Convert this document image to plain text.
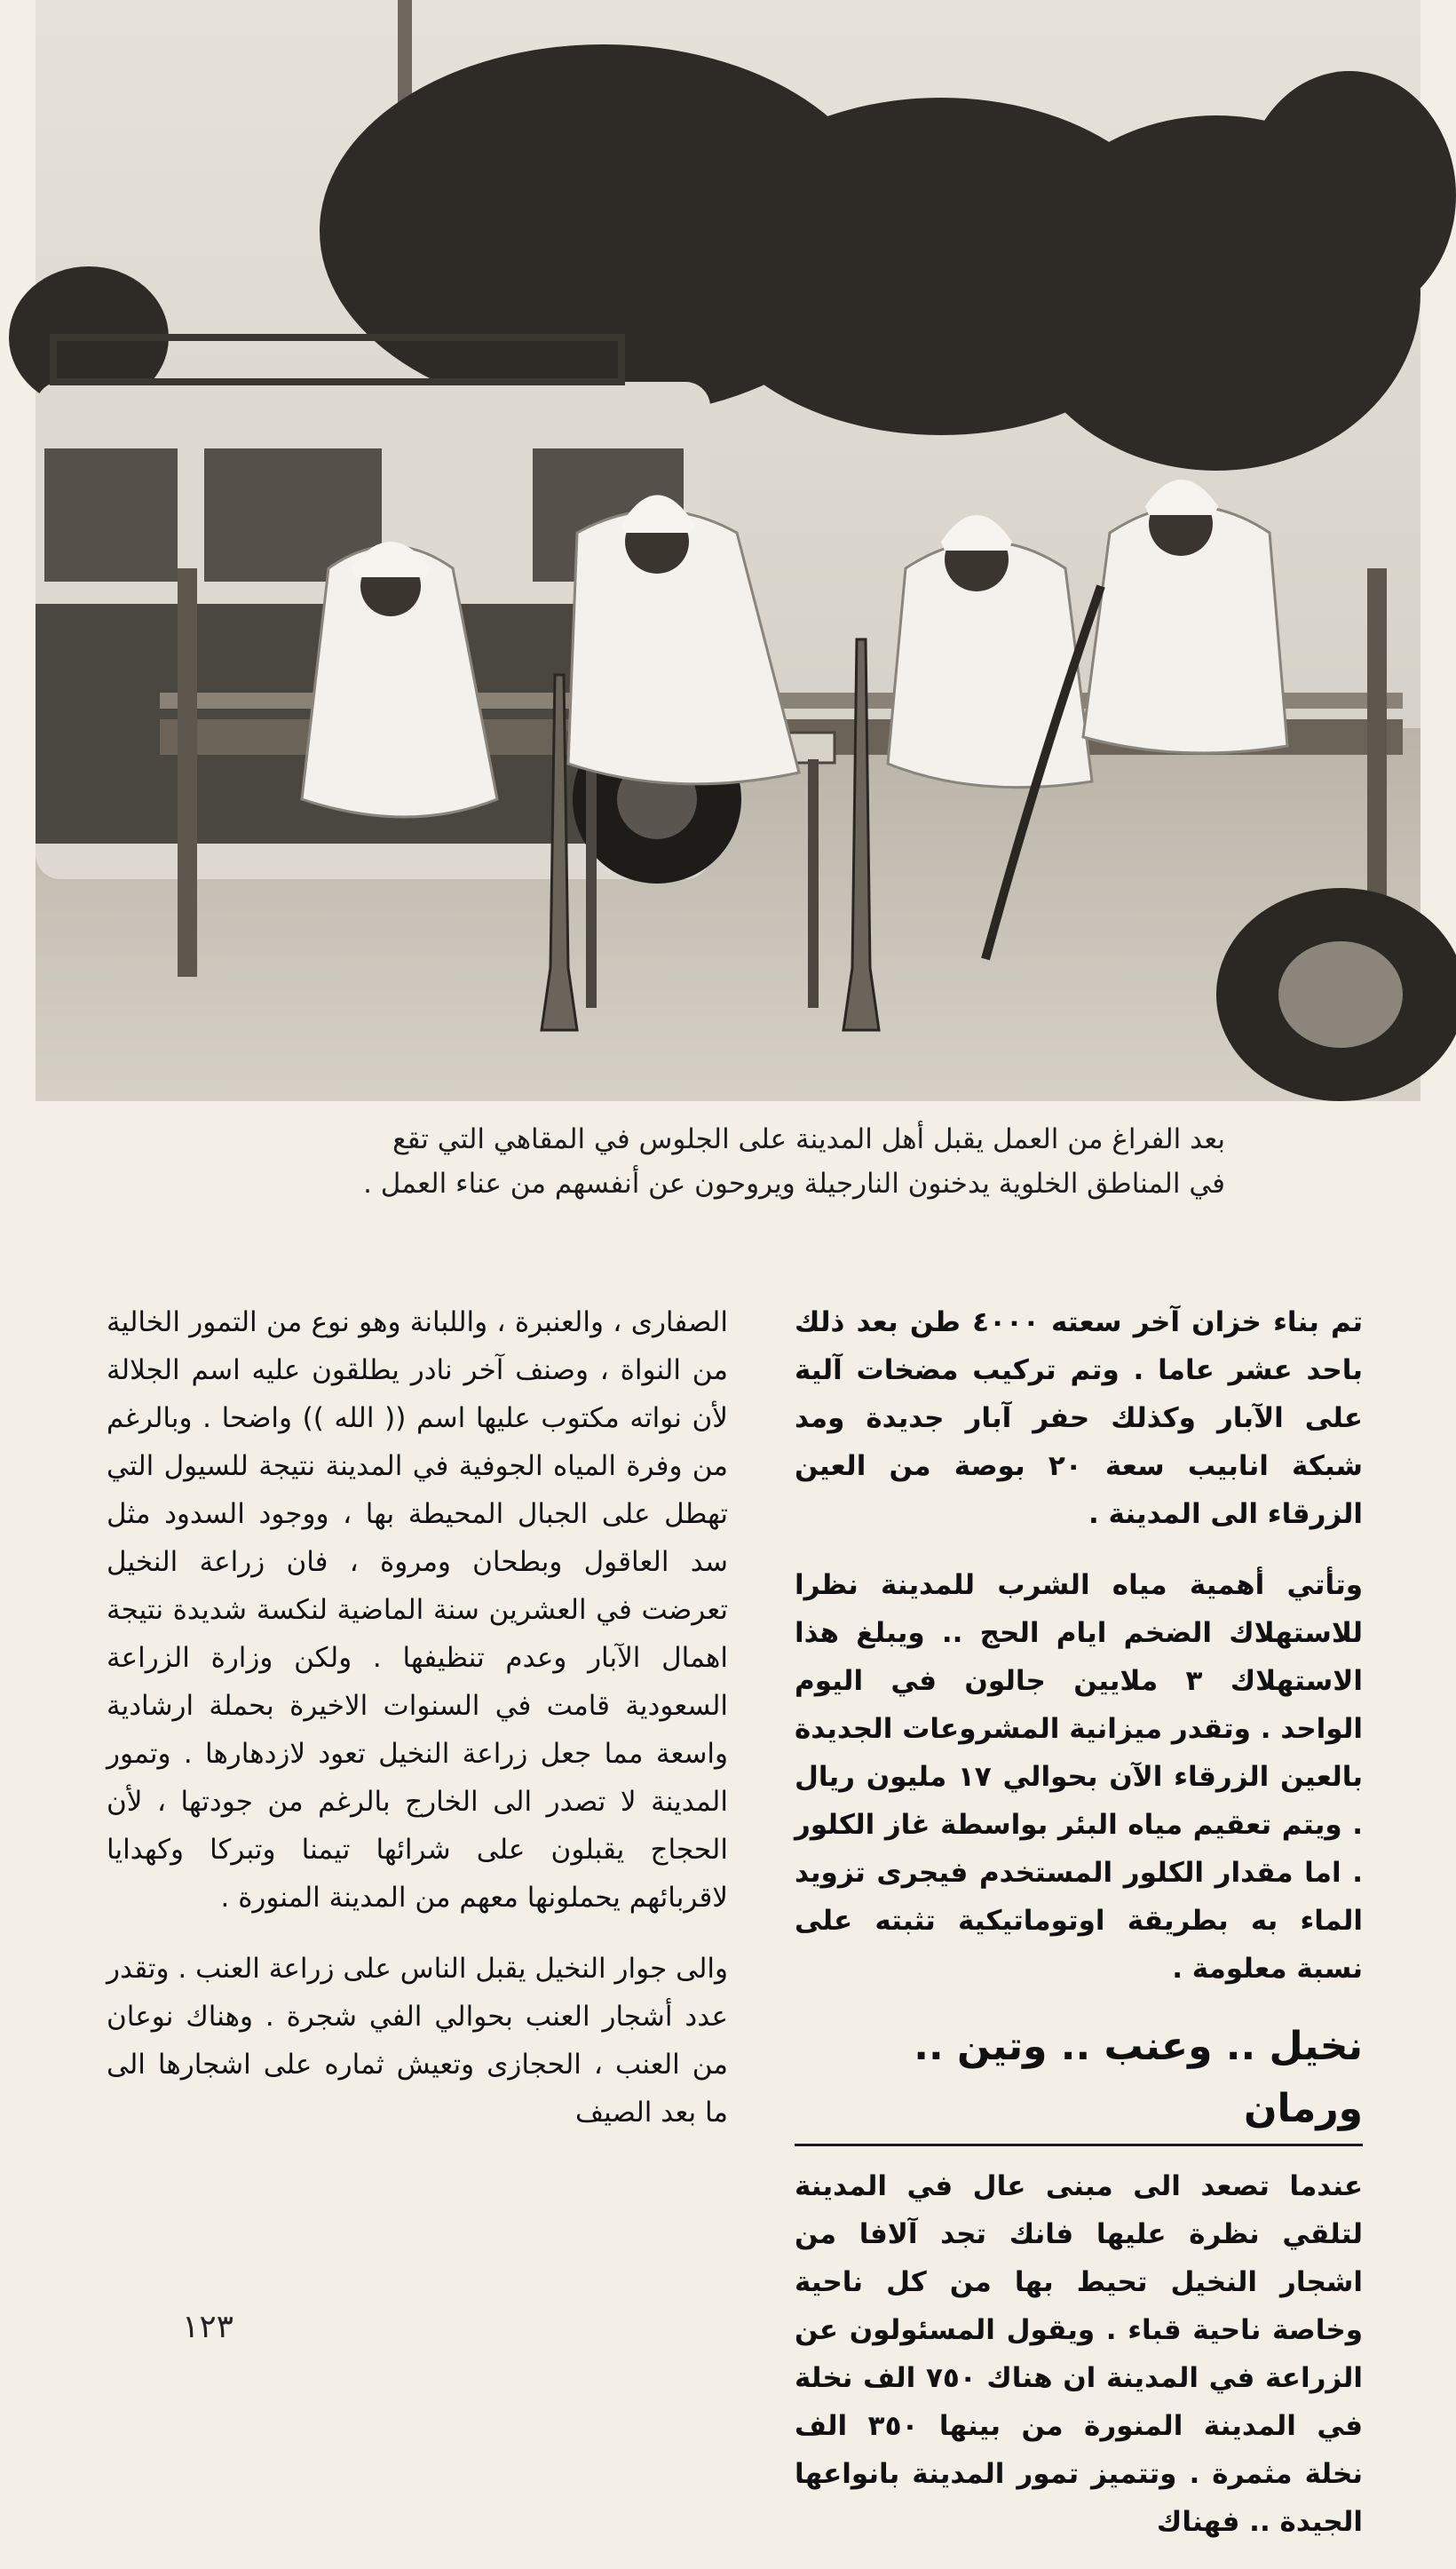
بعد الفراغ من العمل يقبل أهل المدينة على الجلوس في المقاهي التي تقع
في المناطق الخلوية يدخنون النارجيلة ويروحون عن أنفسهم من عناء العمل .

تم بناء خزان آخر سعته ٤٠٠٠ طن بعد ذلك باحد عشر عاما . وتم تركيب مضخات آلية على الآبار وكذلك حفر آبار جديدة ومد شبكة انابيب سعة ٢٠ بوصة من العين الزرقاء الى المدينة .

وتأتي أهمية مياه الشرب للمدينة نظرا للاستهلاك الضخم ايام الحج .. ويبلغ هذا الاستهلاك ٣ ملايين جالون في اليوم الواحد . وتقدر ميزانية المشروعات الجديدة بالعين الزرقاء الآن بحوالي ١٧ مليون ريال . ويتم تعقيم مياه البئر بواسطة غاز الكلور . اما مقدار الكلور المستخدم فيجرى تزويد الماء به بطريقة اوتوماتيكية تثبته على نسبة معلومة .

نخيل .. وعنب .. وتين .. ورمان

عندما تصعد الى مبنى عال في المدينة لتلقي نظرة عليها فانك تجد آلافا من اشجار النخيل تحيط بها من كل ناحية وخاصة ناحية قباء . ويقول المسئولون عن الزراعة في المدينة ان هناك ٧٥٠ الف نخلة في المدينة المنورة من بينها ٣٥٠ الف نخلة مثمرة . وتتميز تمور المدينة بانواعها الجيدة .. فهناك

الصفارى ، والعنبرة ، واللبانة وهو نوع من التمور الخالية من النواة ، وصنف آخر نادر يطلقون عليه اسم الجلالة لأن نواته مكتوب عليها اسم (( الله )) واضحا . وبالرغم من وفرة المياه الجوفية في المدينة نتيجة للسيول التي تهطل على الجبال المحيطة بها ، ووجود السدود مثل سد العاقول وبطحان ومروة ، فان زراعة النخيل تعرضت في العشرين سنة الماضية لنكسة شديدة نتيجة اهمال الآبار وعدم تنظيفها . ولكن وزارة الزراعة السعودية قامت في السنوات الاخيرة بحملة ارشادية واسعة مما جعل زراعة النخيل تعود لازدهارها . وتمور المدينة لا تصدر الى الخارج بالرغم من جودتها ، لأن الحجاج يقبلون على شرائها تيمنا وتبركا وكهدايا لاقربائهم يحملونها معهم من المدينة المنورة .

والى جوار النخيل يقبل الناس على زراعة العنب . وتقدر عدد أشجار العنب بحوالي الفي شجرة . وهناك نوعان من العنب ، الحجازى وتعيش ثماره على اشجارها الى ما بعد الصيف

١٢٣
